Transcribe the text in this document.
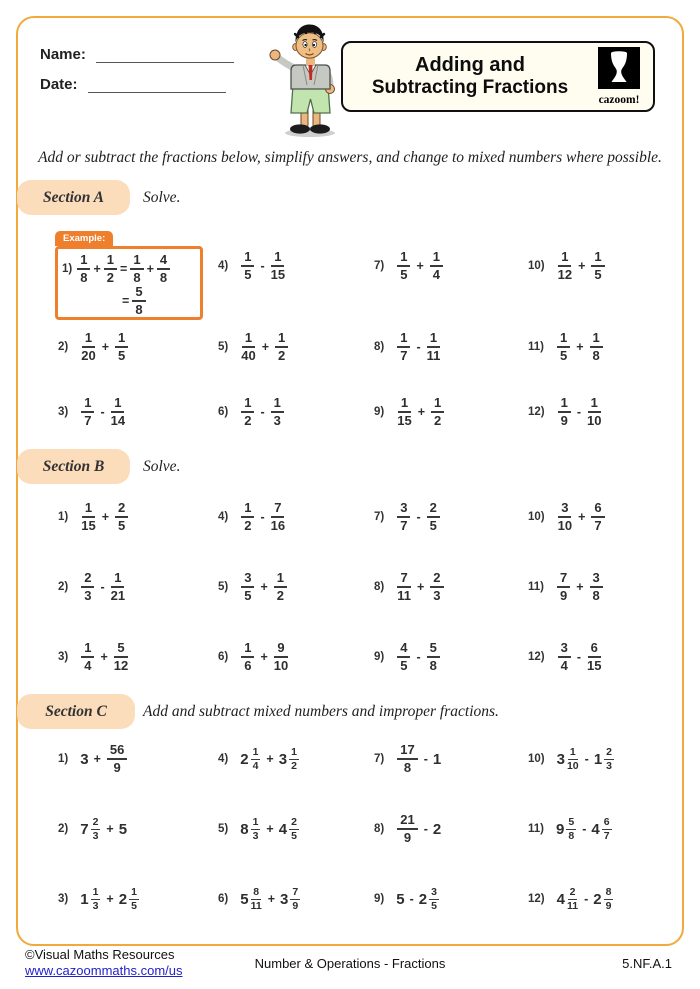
Name:
Date:
Adding and
Subtracting Fractions
cazoom!
Add or subtract the fractions below, simplify answers, and change to mixed numbers where possible.
Section A	Solve.
Section B	Solve.
Section C	Add and subtract mixed numbers and improper fractions.
Example:
$1) \frac{1}{8} + \frac{1}{2} = \frac{1}{8} + \frac{4}{8}$
= $\frac{5}{8}$
©Visual Maths Resources
www.cazoommaths.com/us	Number & Operations - Fractions	5.NF.A.1
$2) \frac{1}{20} + \frac{1}{5}$
$3) \frac{1}{7} - \frac{1}{14}$
$4) \frac{1}{5} - \frac{1}{15}$
$5) \frac{1}{40} + \frac{1}{2}$
$6) \frac{1}{2} - \frac{1}{3}$
$7) \frac{1}{5} + \frac{1}{4}$
$8) \frac{1}{7} - \frac{1}{11}$
$9) \frac{1}{15} + \frac{1}{2}$
$10) \frac{1}{12} + \frac{1}{5}$
$11) \frac{1}{5} + \frac{1}{8}$
$12) \frac{1}{9} - \frac{1}{10}$
$1) \frac{1}{15} + \frac{2}{5}$
$2) \frac{2}{3} - \frac{1}{21}$
$3) \frac{1}{4} + \frac{5}{12}$
$4) \frac{1}{2} - \frac{7}{16}$
$5) \frac{3}{5} + \frac{1}{2}$
$6) \frac{1}{6} + \frac{9}{10}$
$7) \frac{3}{7} - \frac{2}{5}$
$8) \frac{7}{11} + \frac{2}{3}$
$9) \frac{4}{5} - \frac{5}{8}$
$10) \frac{3}{10} + \frac{6}{7}$
$11) \frac{7}{9} + \frac{3}{8}$
$12) \frac{3}{4} - \frac{6}{15}$
1) $3 + \frac{56}{9}$
2) $7 \frac{2}{3} + 5$
3) $1 \frac{1}{3} + 2 \frac{1}{5}$
4) $2 \frac{1}{4} + 3 \frac{1}{2}$
5) $8 \frac{1}{3} + 4 \frac{2}{5}$
6) $5 \frac{8}{11} + 3 \frac{7}{9}$
$7) \frac{17}{8} - 1$
$8) \frac{21}{9} - 2$
9) $5 - 2 \frac{3}{5}$
10) $3 \frac{1}{10} - 1 \frac{2}{3}$
11) $9 \frac{5}{8} - 4 \frac{6}{7}$
12) $4 \frac{2}{11} - 2 \frac{8}{9}$
